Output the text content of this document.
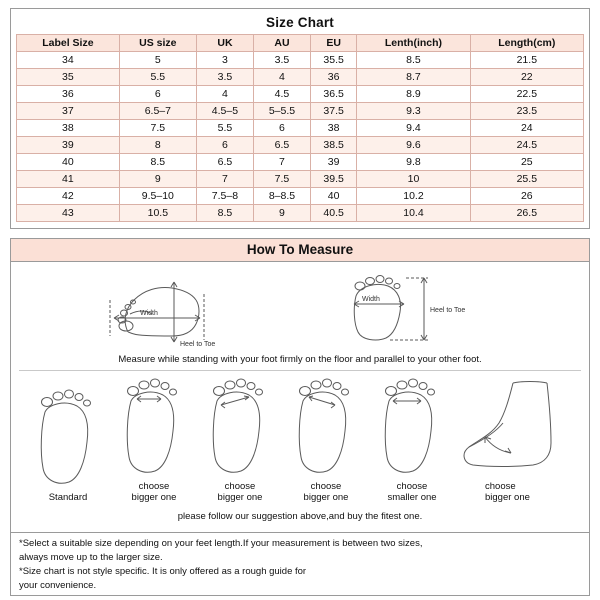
Size Chart
Label Size	US size	UK	AU	EU	Lenth(inch)	Length(cm)
34	5	3	3.5	35.5	8.5	21.5
35	5.5	3.5	4	36	8.7	22
36	6	4	4.5	36.5	8.9	22.5
37	6.5–7	4.5–5	5–5.5	37.5	9.3	23.5
38	7.5	5.5	6	38	9.4	24
39	8	6	6.5	38.5	9.6	24.5
40	8.5	6.5	7	39	9.8	25
41	9	7	7.5	39.5	10	25.5
42	9.5–10	7.5–8	8–8.5	40	10.2	26
43	10.5	8.5	9	40.5	10.4	26.5
How To Measure
Width
Heel to Toe
Width
Heel to Toe
Measure while standing with your foot firmly on the floor and parallel to your other foot.
Standard
choose
bigger one
choose
bigger one
choose
bigger one
choose
smaller one
choose
bigger one
please follow our suggestion above,and buy the fitest one.

*Select a suitable size depending on your feet length.If your measurement is between two sizes,

always move up to the larger size.

*Size chart is not style specific. It is only offered as a rough guide for

your convenience.
